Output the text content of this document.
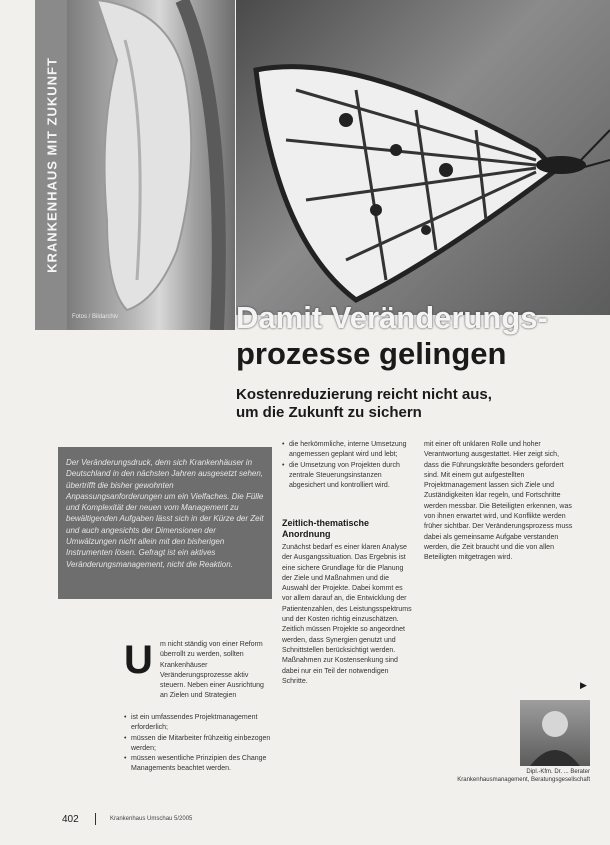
KRANKENHAUS MIT ZUKUNFT
Fotos / Bildarchiv	Damit Veränderungs-
prozesse gelingen
Kostenreduzierung reicht nicht aus,
um die Zukunft zu sichern
Der Veränderungsdruck, dem sich Krankenhäuser in Deutschland in den nächsten Jahren ausgesetzt sehen, übertrifft die bisher gewohnten Anpassungsanforderungen um ein Vielfaches. Die Fülle und Komplexität der neuen vom Management zu bewältigenden Aufgaben lässt sich in der Kürze der Zeit und auch angesichts der Dimensionen der Umwälzungen nicht allein mit den bisherigen Instrumenten lösen. Gefragt ist ein aktives Veränderungsmanagement, nicht die Reaktion.
U m nicht ständig von einer Reform überrollt zu werden, sollten Krankenhäuser Veränderungsprozesse aktiv steuern. Neben einer Ausrichtung an Zielen und Strategien
• ist ein umfassendes Projektmanagement erforderlich;
• müssen die Mitarbeiter frühzeitig einbezogen werden;
• müssen wesentliche Prinzipien des Change Managements beachtet werden.
• die herkömmliche, interne Umsetzung angemessen geplant wird und lebt;
• die Umsetzung von Projekten durch zentrale Steuerungsinstanzen abgesichert und kontrolliert wird.
Zeitlich-thematische
Anordnung
Zunächst bedarf es einer klaren Analyse der Ausgangssituation. Das Ergebnis ist eine sichere Grundlage für die Planung der Ziele und Maßnahmen und die Auswahl der Projekte. Dabei kommt es vor allem darauf an, die Entwicklung der Patientenzahlen, des Leistungsspektrums und der Kosten richtig einzuschätzen. Zeitlich müssen Projekte so angeordnet werden, dass Synergien genutzt und Schnittstellen berücksichtigt werden. Maßnahmen zur Kostensenkung sind dabei nur ein Teil der notwendigen Schritte.
mit einer oft unklaren Rolle und hoher Verantwortung ausgestattet. Hier zeigt sich, dass die Führungskräfte besonders gefordert sind. Mit einem gut aufgestellten Projektmanagement lassen sich Ziele und Zuständigkeiten klar regeln, und Fortschritte werden messbar. Die Beteiligten erkennen, was von ihnen erwartet wird, und Konflikte werden früher sichtbar. Der Veränderungsprozess muss dabei als gemeinsame Aufgabe verstanden werden, die Zeit braucht und die von allen Beteiligten mitgetragen wird.
▶
Dipl.-Kfm. Dr. ... Berater
Krankenhausmanagement, Beratungsgesellschaft
402	Krankenhaus Umschau 5/2005
